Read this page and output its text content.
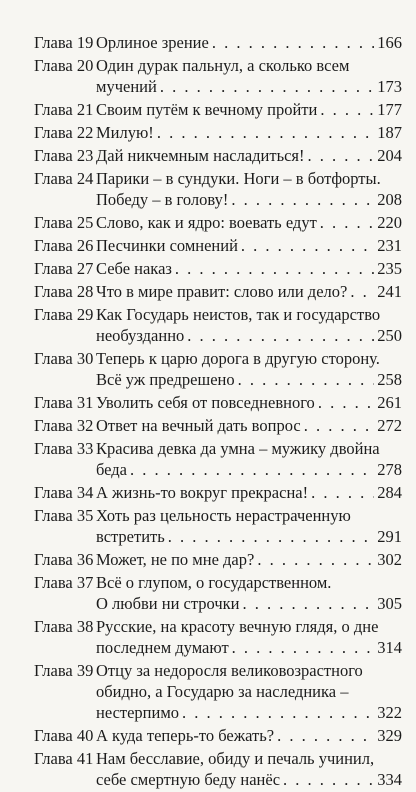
Глава 19 Орлиное зрение . . .	166
Глава 20 Один дурак пальнул, а сколько всем
мучений . . .	173
Глава 21 Своим путём к вечному пройти . . .	177
Глава 22 Милую! . . .	187
Глава 23 Дай никчемным насладиться! . . .	204
Глава 24 Парики – в сундуки. Ноги – в ботфорты.
Победу – в голову! . . .	208
Глава 25 Слово, как и ядро: воевать едут . . .	220
Глава 26 Песчинки сомнений . . .	231
Глава 27 Себе наказ . . .	235
Глава 28 Что в мире правит: слово или дело? . . . 241
Глава 29 Как Государь неистов, так и государство
необузданно . . .	250
Глава 30 Теперь к царю дорога в другую сторону.
Всё уж предрешено . . .	258
Глава 31 Уволить себя от повседневного . . .	261
Глава 32 Ответ на вечный дать вопрос . . .	272
Глава 33 Красива девка да умна – мужику двойна
беда . . .	278
Глава 34 А жизнь-то вокруг прекрасна! . . .	284
Глава 35 Хоть раз цельность нерастраченную
встретить . . .	291
Глава 36 Может, не по мне дар? . . .	302
Глава 37 Всё о глупом, о государственном.
О любви ни строчки . . .	305
Глава 38 Русские, на красоту вечную глядя, о дне
последнем думают . . .	314
Глава 39 Отцу за недоросля великовозрастного
обидно, а Государю за наследника –
нестерпимо . . .	322
Глава 40 А куда теперь-то бежать? . . .	329
Глава 41 Нам бесславие, обиду и печаль учинил,
себе смертную беду нанёс . . .	334
